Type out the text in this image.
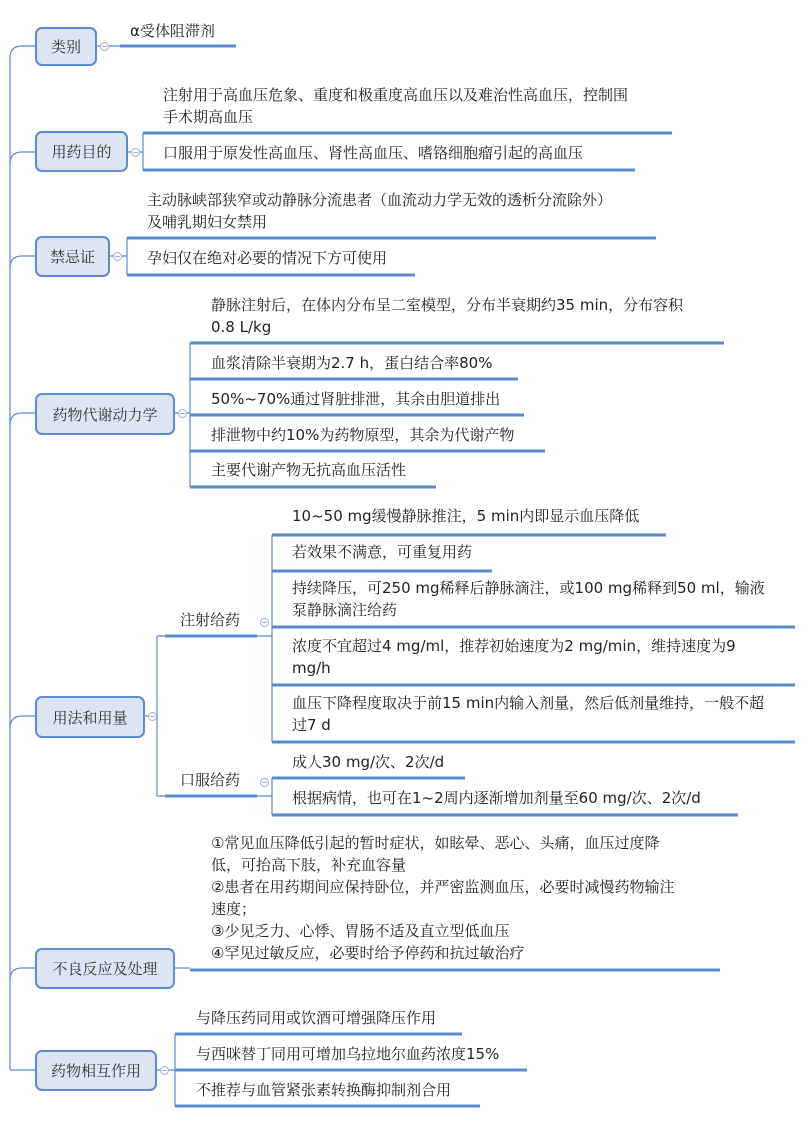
类别
用药目的
禁忌证
药物代谢动力学
用法和用量
不良反应及处理
药物相互作用
α受体阻滞剂
注射用于高血压危象、重度和极重度高血压以及难治性高血压，控制围
手术期高血压
口服用于原发性高血压、肾性高血压、嗜铬细胞瘤引起的高血压
主动脉峡部狭窄或动静脉分流患者（血流动力学无效的透析分流除外）
及哺乳期妇女禁用
孕妇仅在绝对必要的情况下方可使用
静脉注射后，在体内分布呈二室模型，分布半衰期约35 min，分布容积
0.8 L/kg
血浆清除半衰期为2.7 h，蛋白结合率80%
50%~70%通过肾脏排泄，其余由胆道排出
排泄物中约10%为药物原型，其余为代谢产物
主要代谢产物无抗高血压活性
注射给药
口服给药
10~50 mg缓慢静脉推注，5 min内即显示血压降低
若效果不满意，可重复用药
持续降压，可250 mg稀释后静脉滴注，或100 mg稀释到50 ml，输液
泵静脉滴注给药
浓度不宜超过4 mg/ml，推荐初始速度为2 mg/min，维持速度为9
mg/h
血压下降程度取决于前15 min内输入剂量，然后低剂量维持，一般不超
过7 d
成人30 mg/次、2次/d
根据病情，也可在1~2周内逐渐增加剂量至60 mg/次、2次/d
①常见血压降低引起的暂时症状，如眩晕、恶心、头痛，血压过度降
低，可抬高下肢，补充血容量
②患者在用药期间应保持卧位，并严密监测血压，必要时减慢药物输注
速度；
③少见乏力、心悸、胃肠不适及直立型低血压
④罕见过敏反应，必要时给予停药和抗过敏治疗
与降压药同用或饮酒可增强降压作用
与西咪替丁同用可增加乌拉地尔血药浓度15%
不推荐与血管紧张素转换酶抑制剂合用
